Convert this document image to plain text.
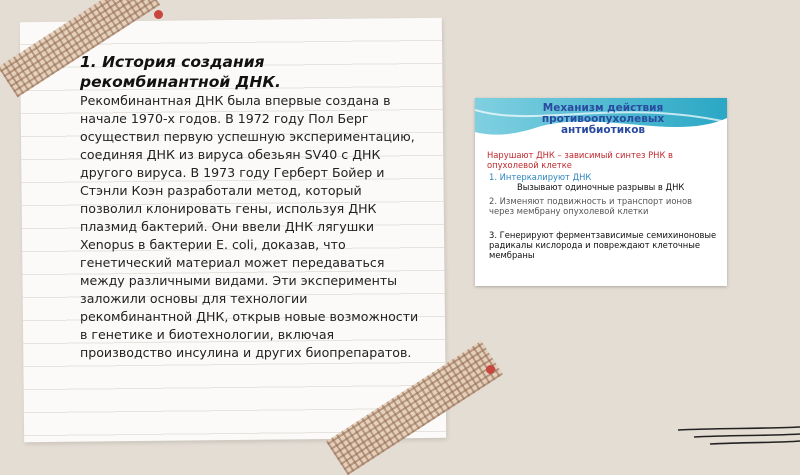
1. История создания рекомбинантной ДНК.

Рекомбинантная ДНК была впервые создана в начале 1970-х годов. В 1972 году Пол Берг осуществил первую успешную экспериментацию, соединяя ДНК из вируса обезьян SV40 с ДНК другого вируса. В 1973 году Герберт Бойер и Стэнли Коэн разработали метод, который позволил клонировать гены, используя ДНК плазмид бактерий. Они ввели ДНК лягушки Xenopus в бактерии E. coli, доказав, что генетический материал может передаваться между различными видами. Эти эксперименты заложили основы для технологии рекомбинантной ДНК, открыв новые возможности в генетике и биотехнологии, включая производство инсулина и других биопрепаратов.

Механизм действия противоопухолевых антибиотиков
Нарушают ДНК – зависимый синтез РНК в опухолевой клетке
1. Интеркалируют ДНК
Вызывают одиночные разрывы в ДНК
2. Изменяют подвижность и транспорт ионов через мембрану опухолевой клетки
3. Генерируют ферментзависимые семихиноновые радикалы кислорода и повреждают клеточные мембраны
